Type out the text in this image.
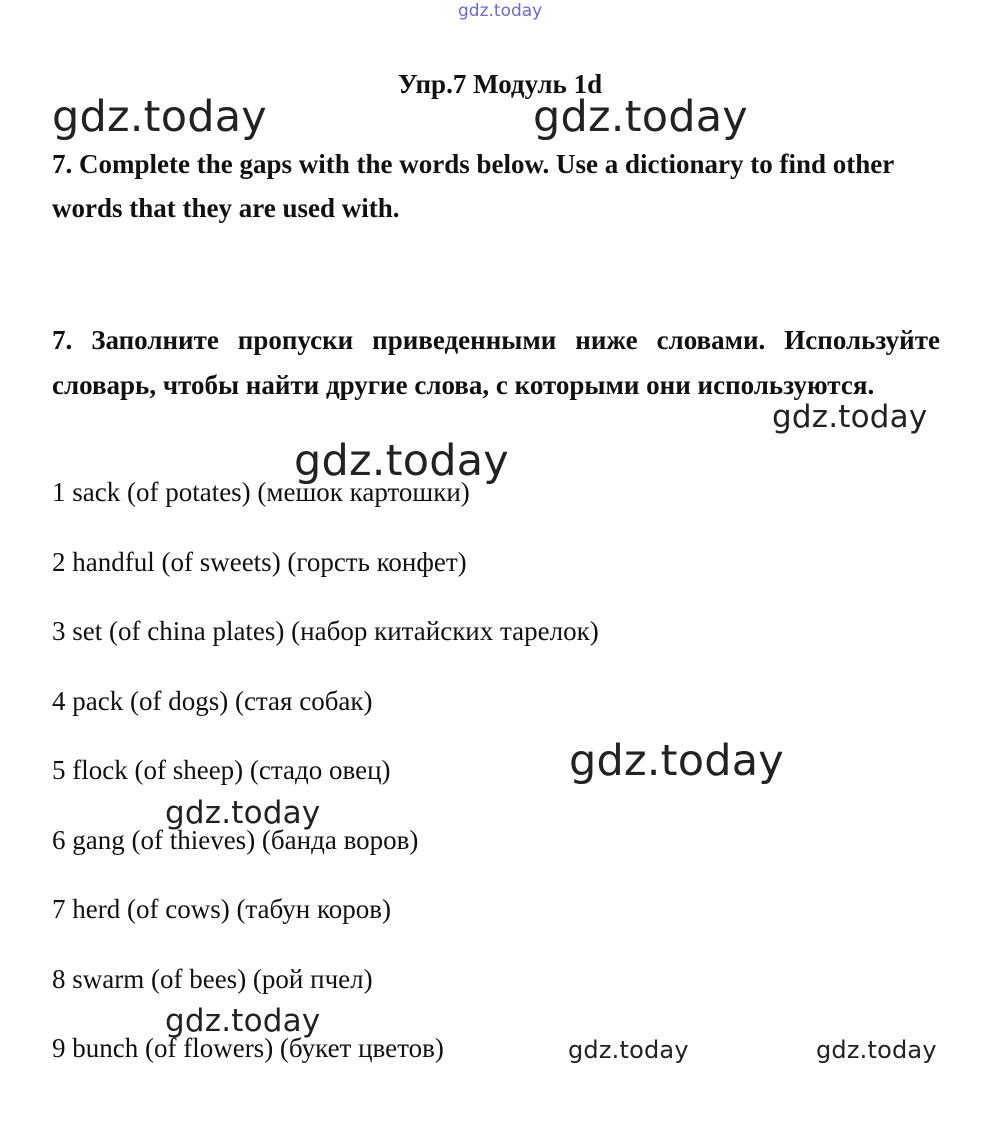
gdz.today
Упр.7 Модуль 1d

7. Complete the gaps with the words below. Use a dictionary to find other words that they are used with.

7. Заполните пропуски приведенными ниже словами. Используйте словарь, чтобы найти другие слова, с которыми они используются.

1 sack (of potates) (мешок картошки)
2 handful (of sweets) (горсть конфет)
3 set (of china plates) (набор китайских тарелок)
4 pack (of dogs) (стая собак)
5 flock (of sheep) (стадо овец)
6 gang (of thieves) (банда воров)
7 herd (of cows) (табун коров)
8 swarm (of bees) (рой пчел)
9 bunch (of flowers) (букет цветов)
gdz.today	gdz.today
gdz.today
gdz.today
gdz.today
gdz.today
gdz.today
gdz.today	gdz.today
